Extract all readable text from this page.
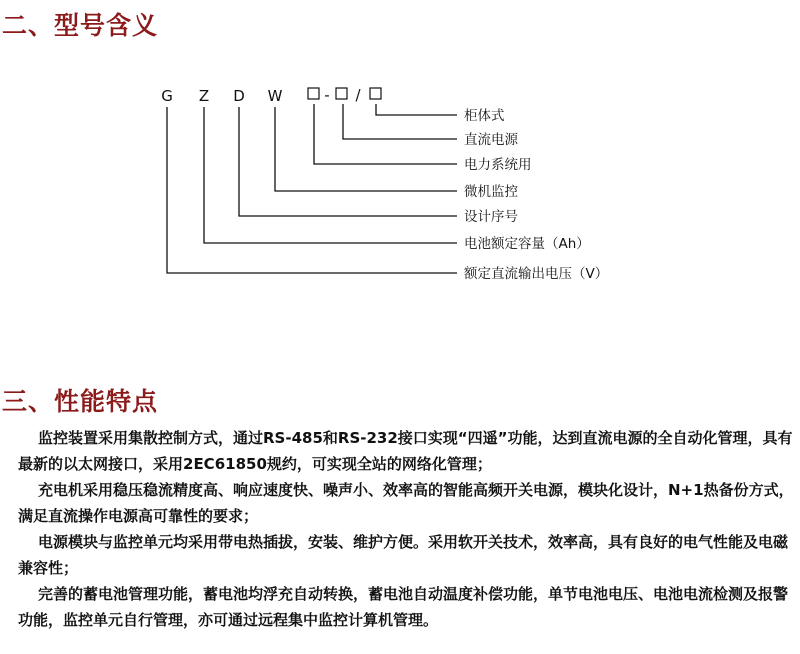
二、型号含义
G Z D W	- /
柜体式
直流电源
电力系统用
微机监控
设计序号
电池额定容量（Ah）
额定直流输出电压（V）
三、性能特点

监控装置采用集散控制方式，通过RS-485和RS-232接口实现“四遥”功能，达到直流电源的全自动化管理，具有最新的以太网接口，采用2EC61850规约，可实现全站的网络化管理；

充电机采用稳压稳流精度高、响应速度快、噪声小、效率高的智能高频开关电源，模块化设计，N+1热备份方式，满足直流操作电源高可靠性的要求；

电源模块与监控单元均采用带电热插拔，安装、维护方便。采用软开关技术，效率高，具有良好的电气性能及电磁兼容性；

完善的蓄电池管理功能，蓄电池均浮充自动转换，蓄电池自动温度补偿功能，单节电池电压、电池电流检测及报警功能，监控单元自行管理，亦可通过远程集中监控计算机管理。
